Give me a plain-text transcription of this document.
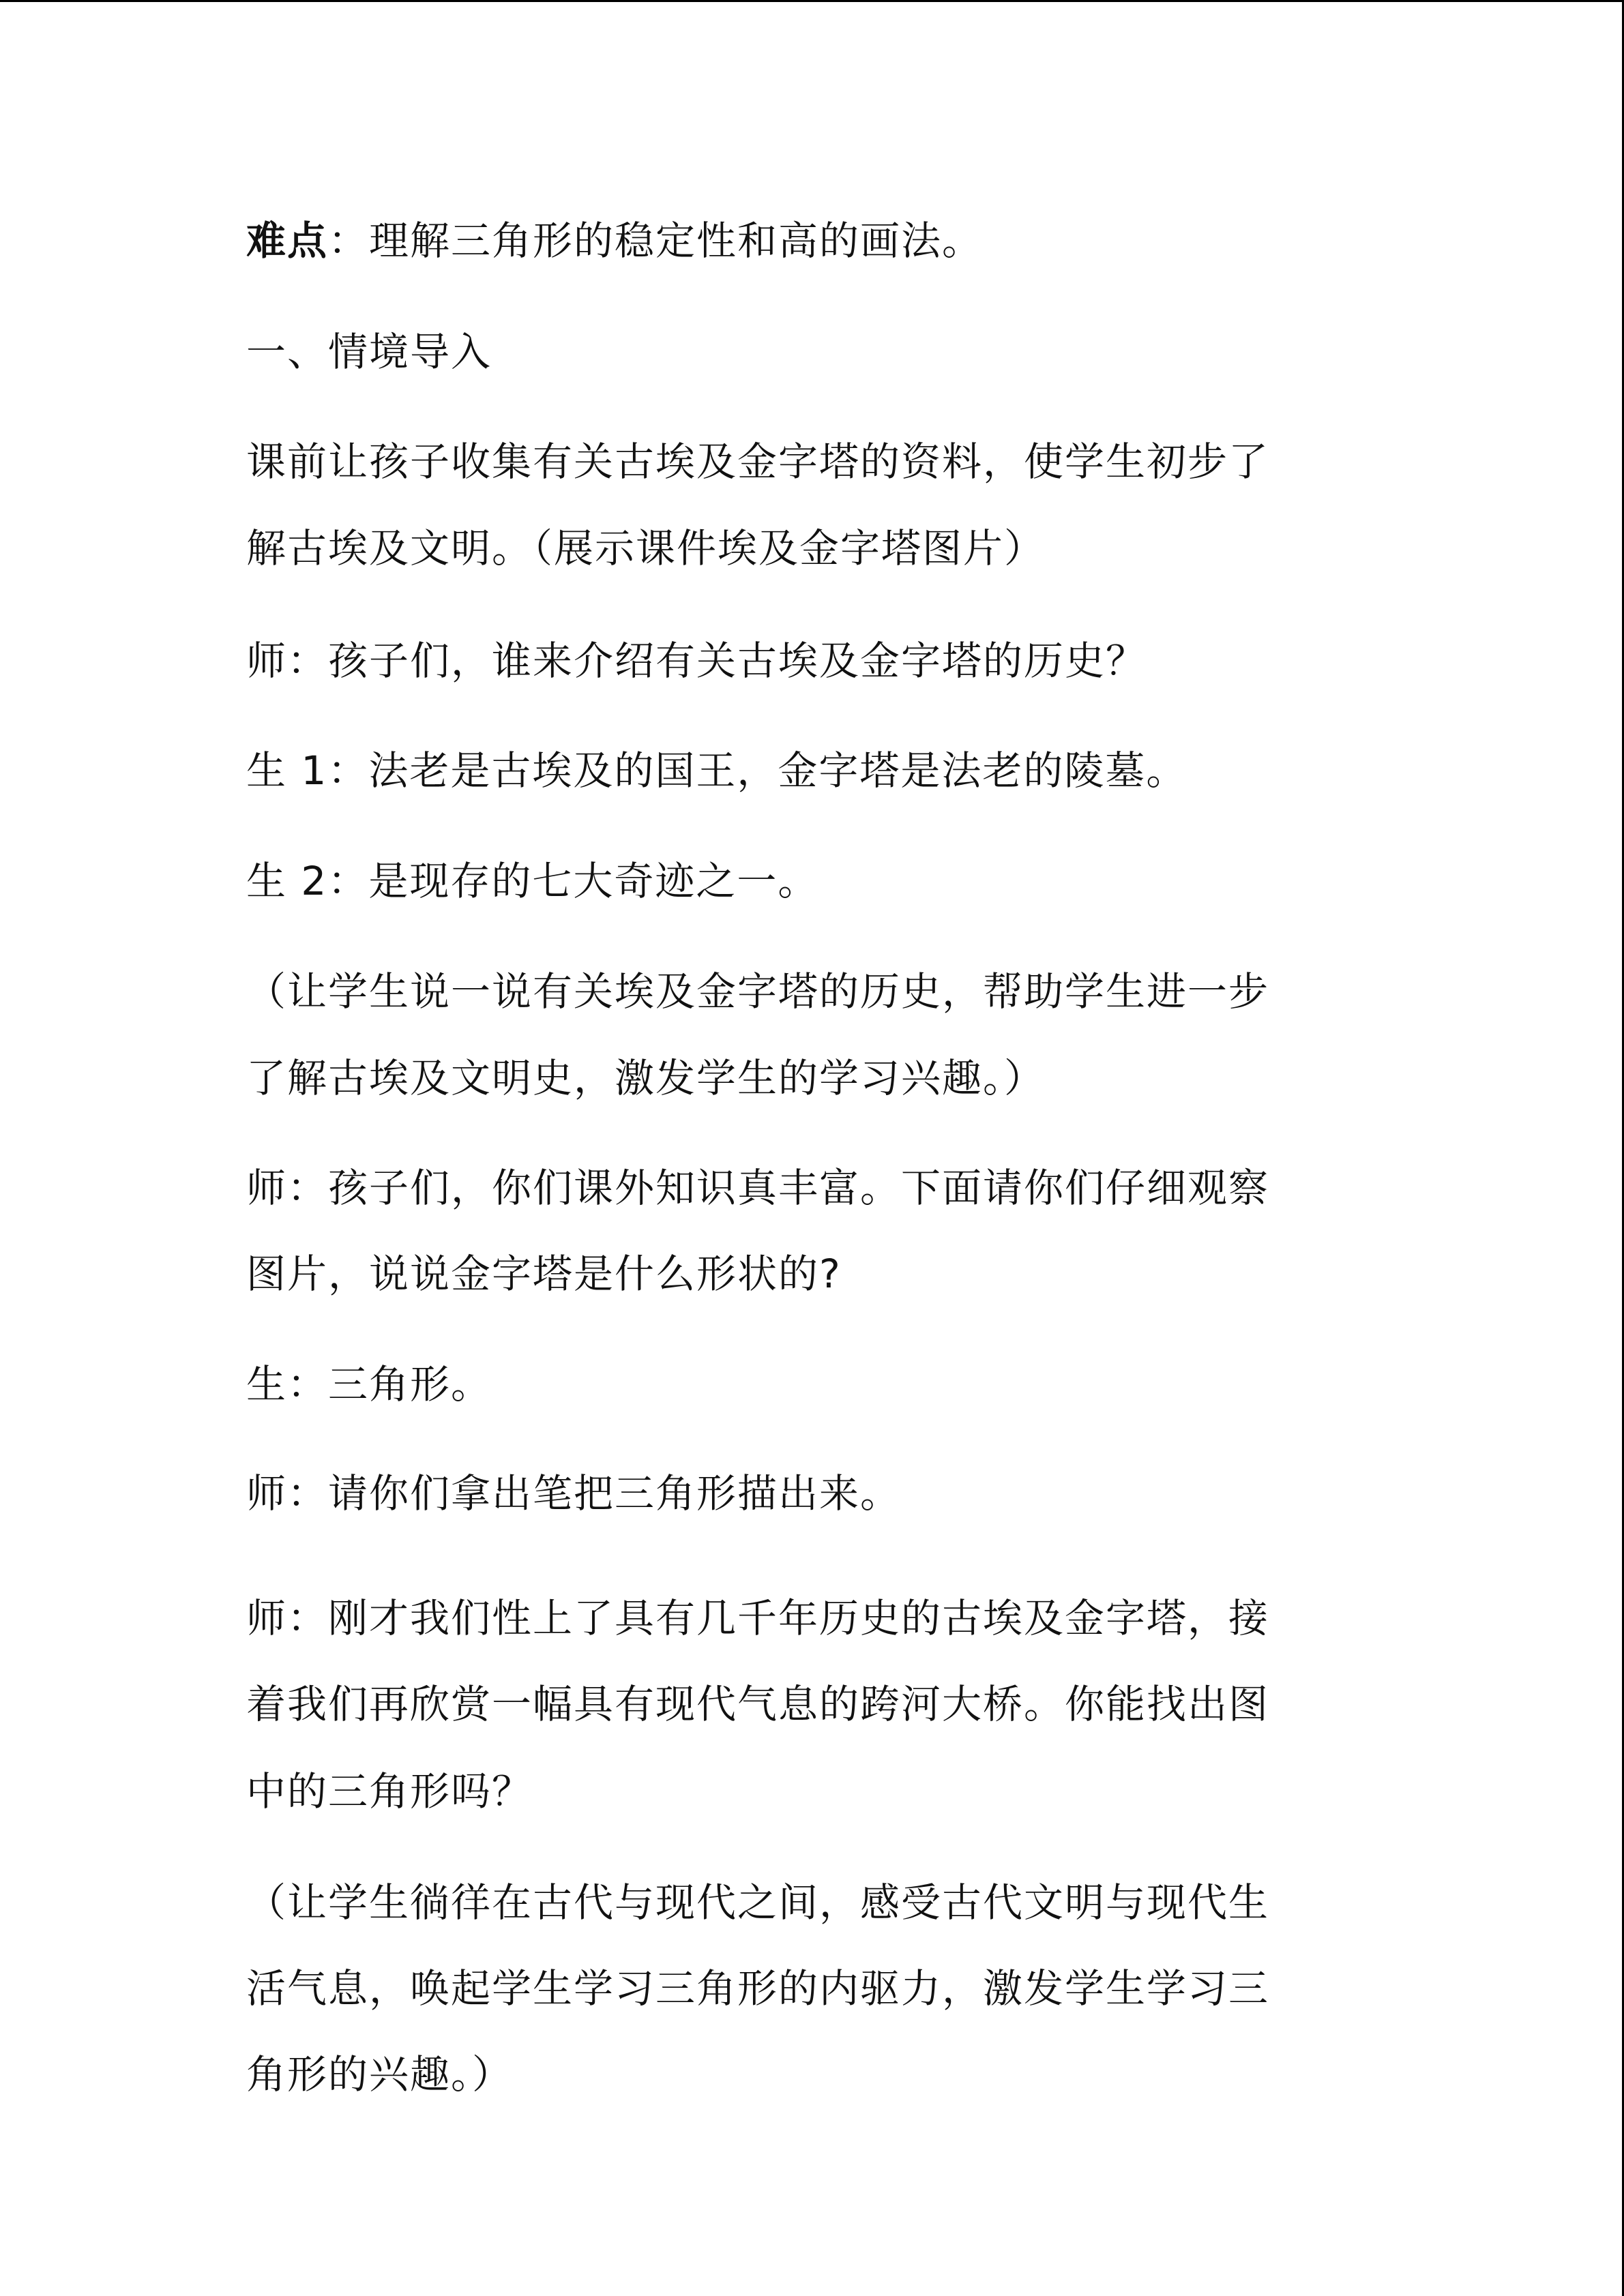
难点：理解三角形的稳定性和高的画法。
一、情境导入
课前让孩子收集有关古埃及金字塔的资料，使学生初步了
解古埃及文明。（展示课件埃及金字塔图片）
师：孩子们，谁来介绍有关古埃及金字塔的历史？
生 1：法老是古埃及的国王，金字塔是法老的陵墓。
生 2：是现存的七大奇迹之一。
（让学生说一说有关埃及金字塔的历史，帮助学生进一步
了解古埃及文明史，激发学生的学习兴趣。）
师：孩子们，你们课外知识真丰富。下面请你们仔细观察
图片，说说金字塔是什么形状的?
生：三角形。
师：请你们拿出笔把三角形描出来。
师：刚才我们性上了具有几千年历史的古埃及金字塔，接
着我们再欣赏一幅具有现代气息的跨河大桥。你能找出图
中的三角形吗？
（让学生徜徉在古代与现代之间，感受古代文明与现代生
活气息，唤起学生学习三角形的内驱力，激发学生学习三
角形的兴趣。）
